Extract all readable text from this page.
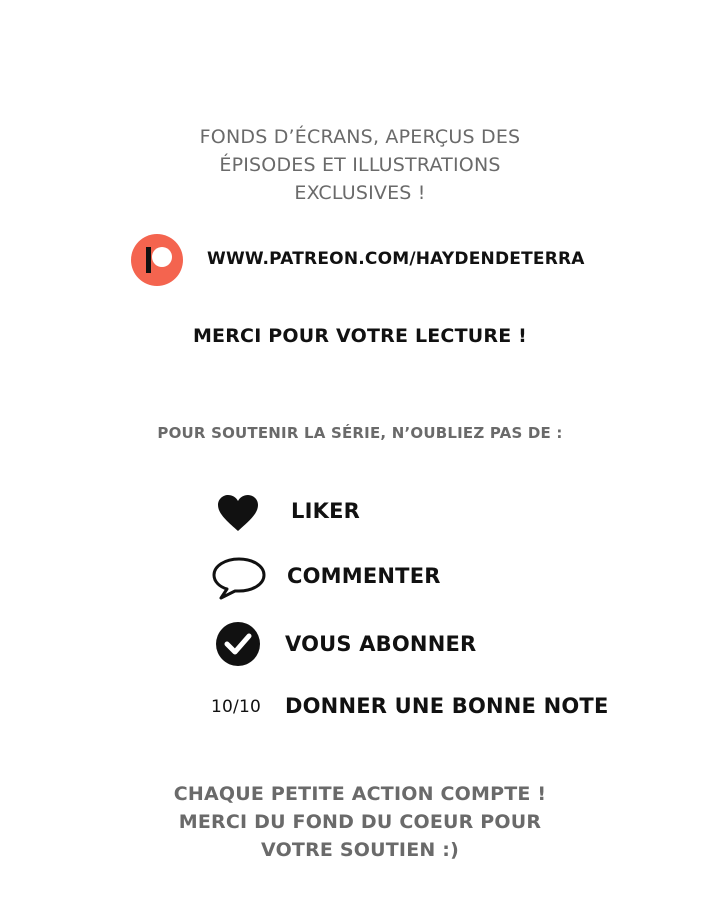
FONDS D’ÉCRANS, APERÇUS DES
ÉPISODES ET ILLUSTRATIONS
EXCLUSIVES !
WWW.PATREON.COM/HAYDENDETERRA
MERCI POUR VOTRE LECTURE !
POUR SOUTENIR LA SÉRIE, N’OUBLIEZ PAS DE :
LIKER
COMMENTER
VOUS ABONNER
10/10 DONNER UNE BONNE NOTE
CHAQUE PETITE ACTION COMPTE !
MERCI DU FOND DU COEUR POUR
VOTRE SOUTIEN :)
